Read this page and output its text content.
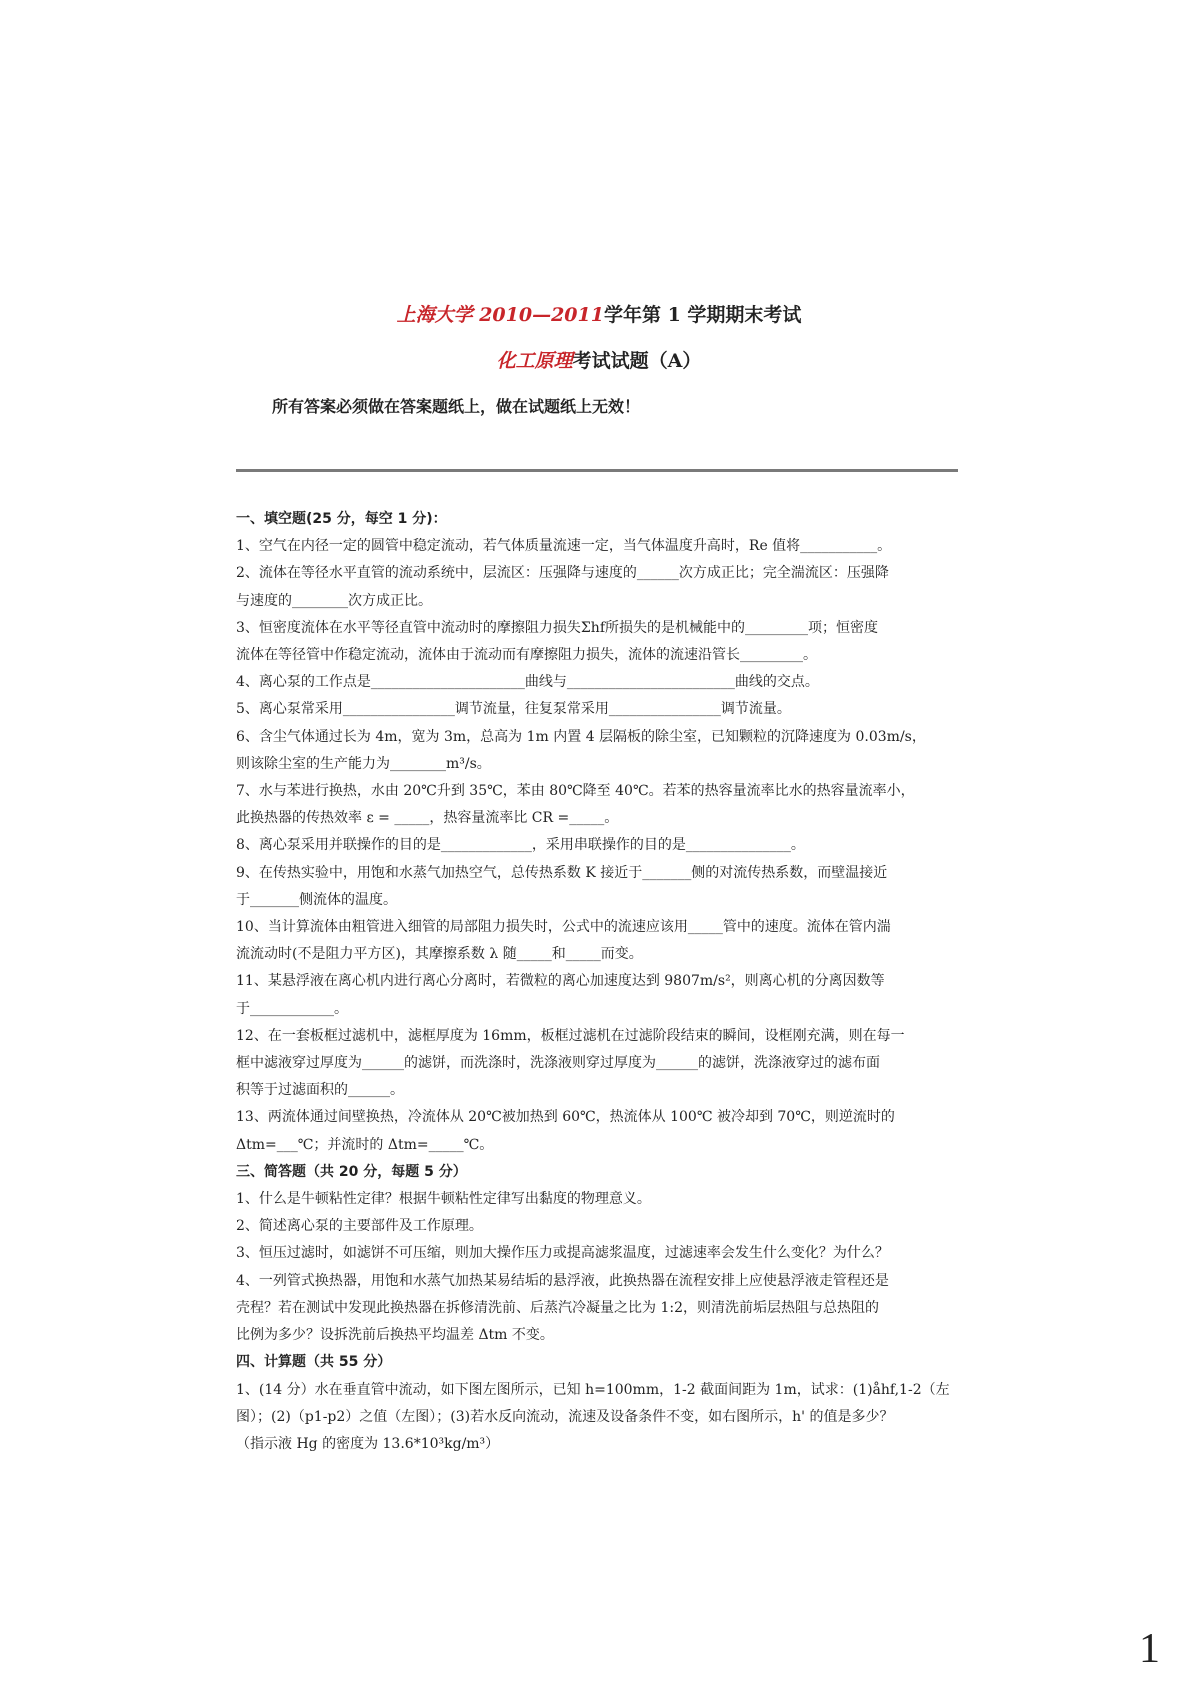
上海大学 2010—2011学年第 1 学期期末考试
化工原理考试试题（A）
所有答案必须做在答案题纸上，做在试题纸上无效！
一、填空题(25 分，每空 1 分)：
1、空气在内径一定的圆管中稳定流动，若气体质量流速一定，当气体温度升高时，Re 值将___________。
2、流体在等径水平直管的流动系统中，层流区：压强降与速度的______次方成正比；完全湍流区：压强降
与速度的________次方成正比。
3、恒密度流体在水平等径直管中流动时的摩擦阻力损失Σhf所损失的是机械能中的_________项；恒密度
流体在等径管中作稳定流动，流体由于流动而有摩擦阻力损失，流体的流速沿管长_________。
4、离心泵的工作点是______________________曲线与________________________曲线的交点。
5、离心泵常采用________________调节流量，往复泵常采用________________调节流量。
6、含尘气体通过长为 4m，宽为 3m，总高为 1m 内置 4 层隔板的除尘室，已知颗粒的沉降速度为 0.03m/s，
则该除尘室的生产能力为________m³/s。
7、水与苯进行换热，水由 20℃升到 35℃，苯由 80℃降至 40℃。若苯的热容量流率比水的热容量流率小，
此换热器的传热效率 ε = _____，热容量流率比 CR =_____。
8、离心泵采用并联操作的目的是_____________，采用串联操作的目的是_______________。
9、在传热实验中，用饱和水蒸气加热空气，总传热系数 K 接近于_______侧的对流传热系数，而壁温接近
于_______侧流体的温度。
10、当计算流体由粗管进入细管的局部阻力损失时，公式中的流速应该用_____管中的速度。流体在管内湍
流流动时(不是阻力平方区)，其摩擦系数 λ 随_____和_____而变。
11、某悬浮液在离心机内进行离心分离时，若微粒的离心加速度达到 9807m/s²，则离心机的分离因数等
于____________。
12、在一套板框过滤机中，滤框厚度为 16mm，板框过滤机在过滤阶段结束的瞬间，设框刚充满，则在每一
框中滤液穿过厚度为______的滤饼，而洗涤时，洗涤液则穿过厚度为______的滤饼，洗涤液穿过的滤布面
积等于过滤面积的______。
13、两流体通过间壁换热，冷流体从 20℃被加热到 60℃，热流体从 100℃ 被冷却到 70℃，则逆流时的
Δtm=___℃；并流时的 Δtm=_____℃。
三、简答题（共 20 分，每题 5 分）
1、什么是牛顿粘性定律？根据牛顿粘性定律写出黏度的物理意义。
2、简述离心泵的主要部件及工作原理。
3、恒压过滤时，如滤饼不可压缩，则加大操作压力或提高滤浆温度，过滤速率会发生什么变化？为什么？
4、一列管式换热器，用饱和水蒸气加热某易结垢的悬浮液，此换热器在流程安排上应使悬浮液走管程还是
壳程？若在测试中发现此换热器在拆修清洗前、后蒸汽冷凝量之比为 1:2，则清洗前垢层热阻与总热阻的
比例为多少？设拆洗前后换热平均温差 Δtm 不变。
四、计算题（共 55 分）
1、(14 分）水在垂直管中流动，如下图左图所示，已知 h=100mm，1-2 截面间距为 1m，试求：(1)åhf,1-2（左
图）；(2)（p1-p2）之值（左图）；(3)若水反向流动，流速及设备条件不变，如右图所示，h' 的值是多少？
（指示液 Hg 的密度为 13.6*10³kg/m³）
1
